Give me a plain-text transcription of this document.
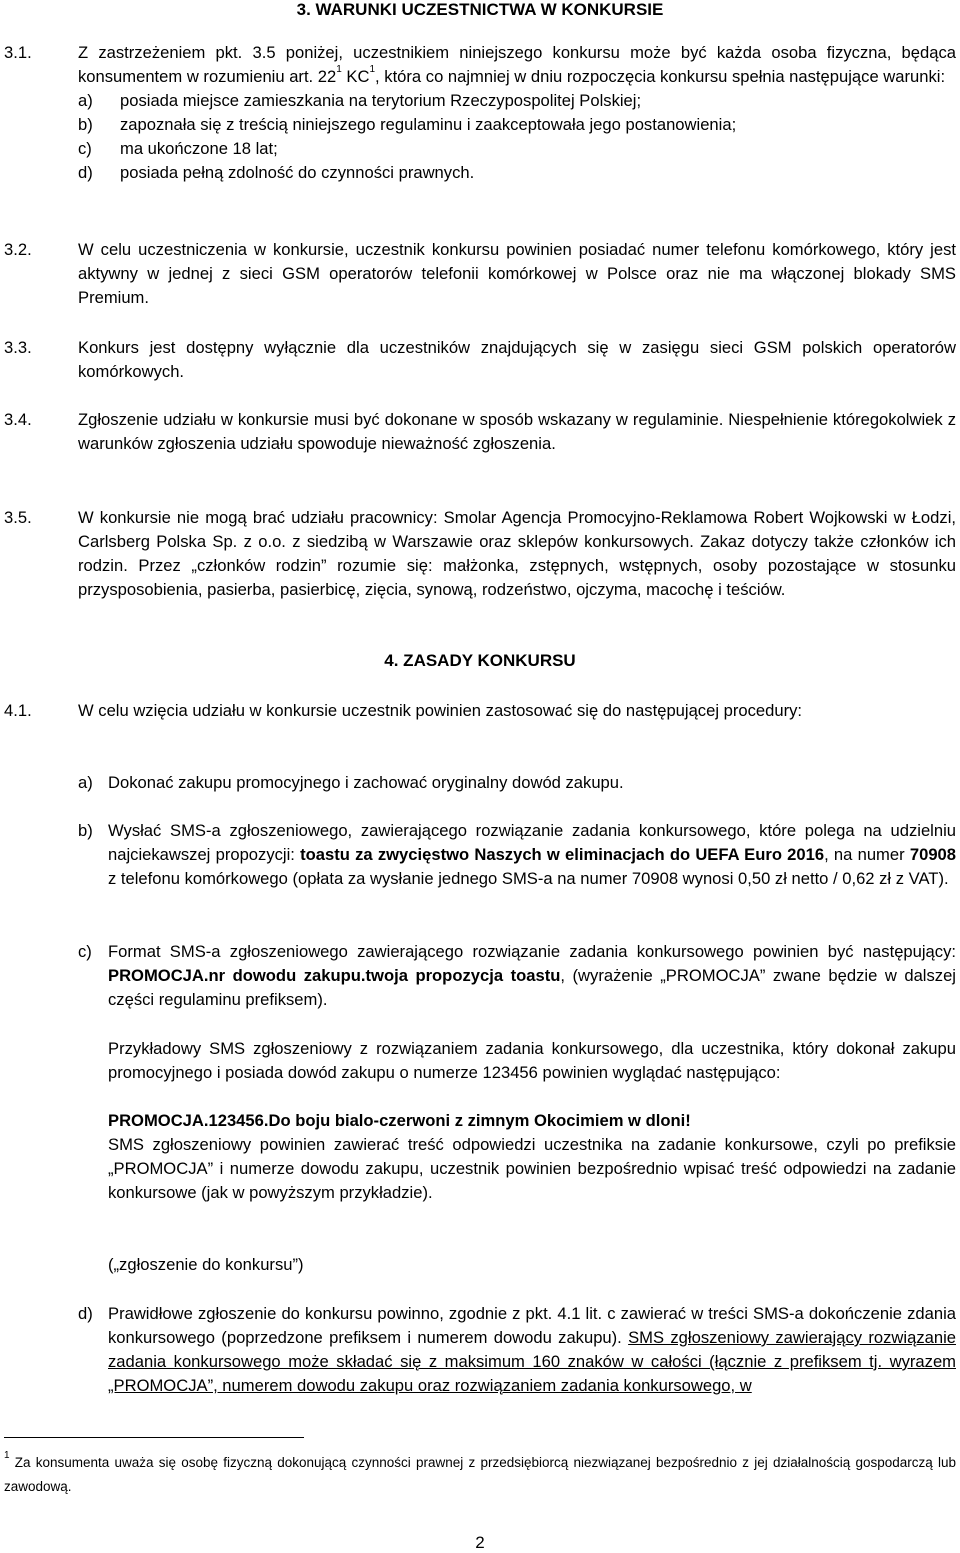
3. WARUNKI UCZESTNICTWA W KONKURSIE
3.1.	Z zastrzeżeniem pkt. 3.5 poniżej, uczestnikiem niniejszego konkursu może być każda osoba fizyczna, będąca konsumentem w rozumieniu art. $22^1$ $KC^1$, która co najmniej w dniu rozpoczęcia konkursu spełnia następujące warunki:
a) posiada miejsce zamieszkania na terytorium Rzeczypospolitej Polskiej;
b) zapoznała się z treścią niniejszego regulaminu i zaakceptowała jego postanowienia;
c) ma ukończone 18 lat;
d) posiada pełną zdolność do czynności prawnych.
3.2.	W celu uczestniczenia w konkursie, uczestnik konkursu powinien posiadać numer telefonu komórkowego, który jest aktywny w jednej z sieci GSM operatorów telefonii komórkowej w Polsce oraz nie ma włączonej blokady SMS Premium.
3.3.	Konkurs jest dostępny wyłącznie dla uczestników znajdujących się w zasięgu sieci GSM polskich operatorów komórkowych.
3.4.	Zgłoszenie udziału w konkursie musi być dokonane w sposób wskazany w regulaminie. Niespełnienie któregokolwiek z warunków zgłoszenia udziału spowoduje nieważność zgłoszenia.
3.5.	W konkursie nie mogą brać udziału pracownicy: Smolar Agencja Promocyjno-Reklamowa Robert Wojkowski w Łodzi, Carlsberg Polska Sp. z o.o. z siedzibą w Warszawie oraz sklepów konkursowych. Zakaz dotyczy także członków ich rodzin. Przez „członków rodzin” rozumie się: małżonka, zstępnych, wstępnych, osoby pozostające w stosunku przysposobienia, pasierba, pasierbicę, zięcia, synową, rodzeństwo, ojczyma, macochę i teściów.
4. ZASADY KONKURSU
4.1.	W celu wzięcia udziału w konkursie uczestnik powinien zastosować się do następującej procedury:
a) Dokonać zakupu promocyjnego i zachować oryginalny dowód zakupu.
b) Wysłać SMS-a zgłoszeniowego, zawierającego rozwiązanie zadania konkursowego, które polega na udzielniu najciekawszej propozycji: toastu za zwycięstwo Naszych w eliminacjach do UEFA Euro 2016, na numer 70908 z telefonu komórkowego (opłata za wysłanie jednego SMS-a na numer 70908 wynosi 0,50 zł netto / 0,62 zł z VAT).
c) Format SMS-a zgłoszeniowego zawierającego rozwiązanie zadania konkursowego powinien być następujący: PROMOCJA.nr dowodu zakupu.twoja propozycja toastu, (wyrażenie „PROMOCJA” zwane będzie w dalszej części regulaminu prefiksem).
Przykładowy SMS zgłoszeniowy z rozwiązaniem zadania konkursowego, dla uczestnika, który dokonał zakupu promocyjnego i posiada dowód zakupu o numerze 123456 powinien wyglądać następująco:
PROMOCJA.123456.Do boju bialo-czerwoni z zimnym Okocimiem w dloni!
SMS zgłoszeniowy powinien zawierać treść odpowiedzi uczestnika na zadanie konkursowe, czyli po prefiksie „PROMOCJA” i numerze dowodu zakupu, uczestnik powinien bezpośrednio wpisać treść odpowiedzi na zadanie konkursowe (jak w powyższym przykładzie).
(„zgłoszenie do konkursu”)
d) Prawidłowe zgłoszenie do konkursu powinno, zgodnie z pkt. 4.1 lit. c zawierać w treści SMS-a dokończenie zdania konkursowego (poprzedzone prefiksem i numerem dowodu zakupu). SMS zgłoszeniowy zawierający rozwiązanie zadania konkursowego może składać się z maksimum 160 znaków w całości (łącznie z prefiksem tj. wyrazem „PROMOCJA”, numerem dowodu zakupu oraz rozwiązaniem zadania konkursowego, w
$^1$ Za konsumenta uważa się osobę fizyczną dokonującą czynności prawnej z przedsiębiorcą niezwiązanej bezpośrednio z jej działalnością gospodarczą lub zawodową.
2
